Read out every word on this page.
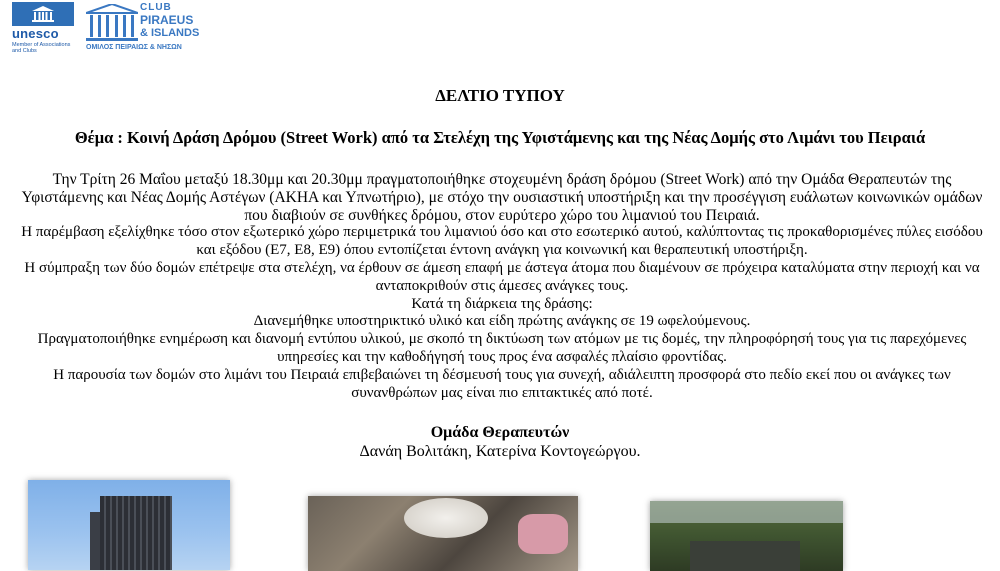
unesco
Member of Associations and Clubs
CLUB
PIRAEUS
& ISLANDS
ΟΜΙΛΟΣ ΠΕΙΡΑΙΩΣ & ΝΗΣΩΝ
ΔΕΛΤΙΟ ΤΥΠΟΥ
Θέμα : Κοινή Δράση Δρόμου (Street Work) από τα Στελέχη της Υφιστάμενης και της Νέας Δομής στο Λιμάνι του Πειραιά

Την Τρίτη 26 Μαΐου μεταξύ 18.30μμ και 20.30μμ πραγματοποιήθηκε στοχευμένη δράση δρόμου (Street Work) από την Ομάδα Θεραπευτών της Υφιστάμενης και Νέας Δομής Αστέγων (ΑΚΗΑ και Υπνωτήριο), με στόχο την ουσιαστική υποστήριξη και την προσέγγιση ευάλωτων κοινωνικών ομάδων που διαβιούν σε συνθήκες δρόμου, στον ευρύτερο χώρο του λιμανιού του Πειραιά.

Η παρέμβαση εξελίχθηκε τόσο στον εξωτερικό χώρο περιμετρικά του λιμανιού όσο και στο εσωτερικό αυτού, καλύπτοντας τις προκαθορισμένες πύλες εισόδου και εξόδου (Ε7, Ε8, Ε9) όπου εντοπίζεται έντονη ανάγκη για κοινωνική και θεραπευτική υποστήριξη.

Η σύμπραξη των δύο δομών επέτρεψε στα στελέχη, να έρθουν σε άμεση επαφή με άστεγα άτομα που διαμένουν σε πρόχειρα καταλύματα στην περιοχή και να ανταποκριθούν στις άμεσες ανάγκες τους.

Κατά τη διάρκεια της δράσης:

Διανεμήθηκε υποστηρικτικό υλικό και είδη πρώτης ανάγκης σε 19 ωφελούμενους.

Πραγματοποιήθηκε ενημέρωση και διανομή εντύπου υλικού, με σκοπό τη δικτύωση των ατόμων με τις δομές, την πληροφόρησή τους για τις παρεχόμενες υπηρεσίες και την καθοδήγησή τους προς ένα ασφαλές πλαίσιο φροντίδας.

Η παρουσία των δομών στο λιμάνι του Πειραιά επιβεβαιώνει τη δέσμευσή τους για συνεχή, αδιάλειπτη προσφορά στο πεδίο εκεί που οι ανάγκες των συνανθρώπων μας είναι πιο επιτακτικές από ποτέ.

Ομάδα Θεραπευτών
Δανάη Βολιτάκη, Κατερίνα Κοντογεώργου.
